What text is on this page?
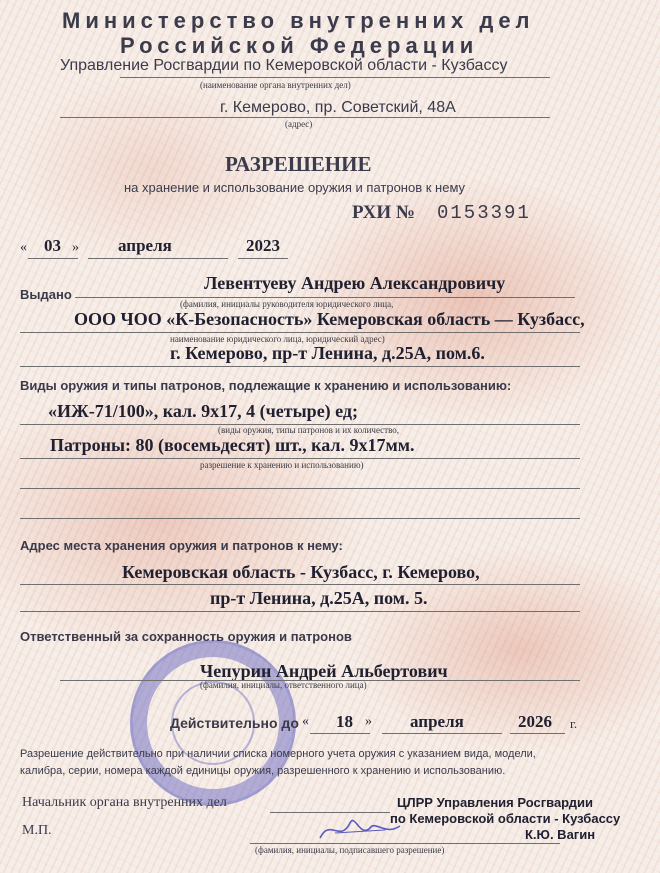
Министерство внутренних дел
Российской Федерации
Управление Росгвардии по Кемеровской области - Кузбассу
(наименование органа внутренних дел)
г. Кемерово, пр. Советский, 48А
(адрес)
РАЗРЕШЕНИЕ
на хранение и использование оружия и патронов к нему
РХИ № 0153391
« 03 » апреля	2023
Выдано
Левентуеву Андрею Александровичу
(фамилия, инициалы руководителя юридического лица,
ООО ЧОО «К-Безопасность» Кемеровская область — Кузбасс,
наименование юридического лица, юридический адрес)
г. Кемерово, пр-т Ленина, д.25А, пом.6.
Виды оружия и типы патронов, подлежащие к хранению и использованию:
«ИЖ-71/100», кал. 9х17, 4 (четыре) ед;
(виды оружия, типы патронов и их количество,
Патроны: 80 (восемьдесят) шт., кал. 9х17мм.
разрешение к хранению и использованию)
Адрес места хранения оружия и патронов к нему:
Кемеровская область - Кузбасс, г. Кемерово,
пр-т Ленина, д.25А, пом. 5.
Ответственный за сохранность оружия и патронов
Чепурин Андрей Альбертович
(фамилия, инициалы, ответственного лица)
Действительно до « 18 » апреля	2026 г.
Разрешение действительно при наличии списка номерного учета оружия с указанием вида, модели,
калибра, серии, номера каждой единицы оружия, разрешенного к хранению и использованию.
Начальник органа внутренних дел	ЦЛРР Управления Росгвардии
по Кемеровской области - Кузбассу
М.П.	К.Ю. Вагин
(фамилия, инициалы, подписавшего разрешение)
